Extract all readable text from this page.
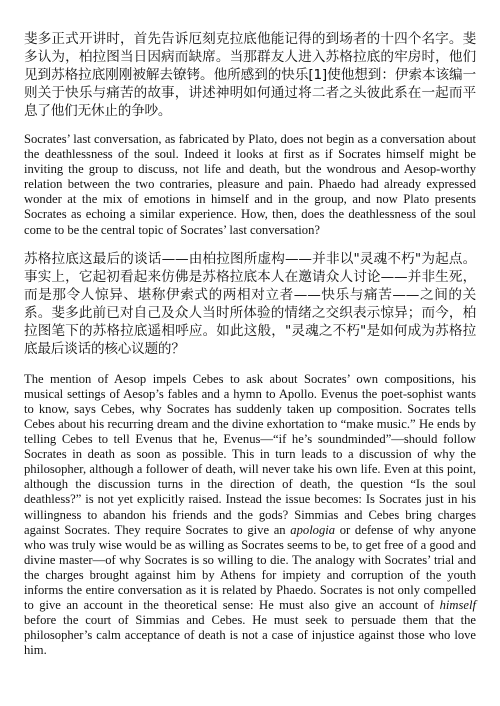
斐多正式开讲时，首先告诉厄刻克拉底他能记得的到场者的十四个名字。斐多认为，柏拉图当日因病而缺席。当那群友人进入苏格拉底的牢房时，他们见到苏格拉底刚刚被解去镣铐。他所感到的快乐[1]使他想到：伊索本该编一则关于快乐与痛苦的故事，讲述神明如何通过将二者之头彼此系在一起而平息了他们无休止的争吵。

Socrates’ last conversation, as fabricated by Plato, does not begin as a conversation about the deathlessness of the soul. Indeed it looks at first as if Socrates himself might be inviting the group to discuss, not life and death, but the wondrous and Aesop-worthy relation between the two contraries, pleasure and pain. Phaedo had already expressed wonder at the mix of emotions in himself and in the group, and now Plato presents Socrates as echoing a similar experience. How, then, does the deathlessness of the soul come to be the central topic of Socrates’ last conversation?

苏格拉底这最后的谈话——由柏拉图所虚构——并非以"灵魂不朽"为起点。事实上，它起初看起来仿佛是苏格拉底本人在邀请众人讨论——并非生死，而是那令人惊异、堪称伊索式的两相对立者——快乐与痛苦——之间的关系。斐多此前已对自己及众人当时所体验的情绪之交织表示惊异；而今，柏拉图笔下的苏格拉底遥相呼应。如此这般，"灵魂之不朽"是如何成为苏格拉底最后谈话的核心议题的？

The mention of Aesop impels Cebes to ask about Socrates’ own compositions, his musical settings of Aesop’s fables and a hymn to Apollo. Evenus the poet-sophist wants to know, says Cebes, why Socrates has suddenly taken up composition. Socrates tells Cebes about his recurring dream and the divine exhortation to “make music.” He ends by telling Cebes to tell Evenus that he, Evenus—“if he’s soundminded”—should follow Socrates in death as soon as possible. This in turn leads to a discussion of why the philosopher, although a follower of death, will never take his own life. Even at this point, although the discussion turns in the direction of death, the question “Is the soul deathless?” is not yet explicitly raised. Instead the issue becomes: Is Socrates just in his willingness to abandon his friends and the gods? Simmias and Cebes bring charges against Socrates. They require Socrates to give an apologia or defense of why anyone who was truly wise would be as willing as Socrates seems to be, to get free of a good and divine master—of why Socrates is so willing to die. The analogy with Socrates’ trial and the charges brought against him by Athens for impiety and corruption of the youth informs the entire conversation as it is related by Phaedo. Socrates is not only compelled to give an account in the theoretical sense: He must also give an account of himself before the court of Simmias and Cebes. He must seek to persuade them that the philosopher’s calm acceptance of death is not a case of injustice against those who love him.
